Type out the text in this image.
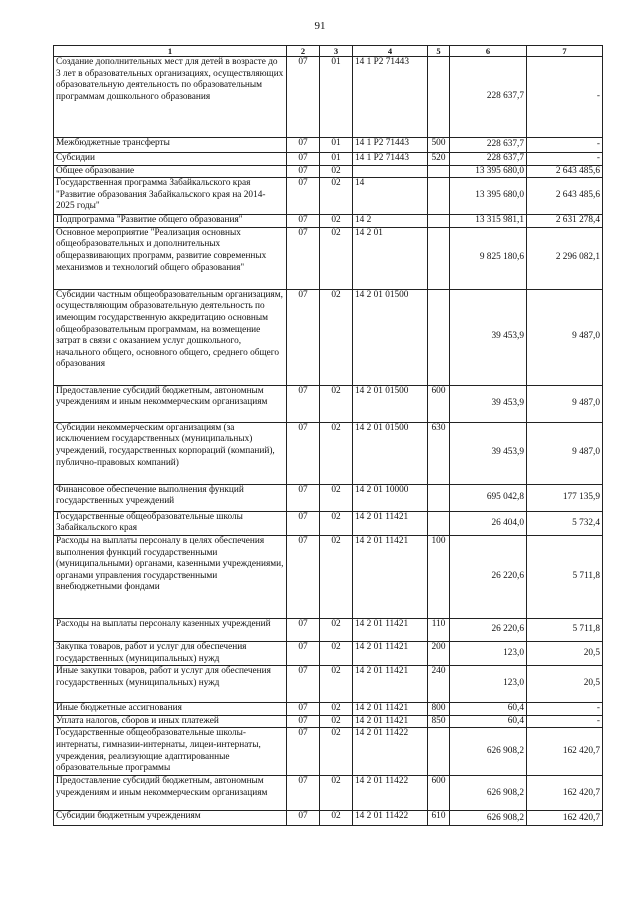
91
1	2	3	4	5	6	7
Создание дополнительных мест для детей в возрасте до 3 лет в образовательных организациях, осуществляющих образовательную деятельность по образовательным программам дошкольного образования	07	01	14 1 P2 71443		228 637,7	-
Межбюджетные трансферты	07	01	14 1 P2 71443	500	228 637,7	-
Субсидии	07	01	14 1 P2 71443	520	228 637,7	-
Общее образование	07	02			13 395 680,0	2 643 485,6
Государственная программа Забайкальского края "Развитие образования Забайкальского края на 2014-2025 годы"	07	02	14		13 395 680,0	2 643 485,6
Подпрограмма "Развитие общего образования"	07	02	14 2		13 315 981,1	2 631 278,4
Основное мероприятие "Реализация основных общеобразовательных и дополнительных общеразвивающих программ, развитие современных механизмов и технологий общего образования"	07	02	14 2 01		9 825 180,6	2 296 082,1
Субсидии частным общеобразовательным организациям, осуществляющим образовательную деятельность по имеющим государственную аккредитацию основным общеобразовательным программам, на возмещение затрат в связи с оказанием услуг дошкольного, начального общего, основного общего, среднего общего образования	07	02	14 2 01 01500		39 453,9	9 487,0
Предоставление субсидий бюджетным, автономным учреждениям и иным некоммерческим организациям	07	02	14 2 01 01500	600	39 453,9	9 487,0
Субсидии некоммерческим организациям (за исключением государственных (муниципальных) учреждений, государственных корпораций (компаний), публично-правовых компаний)	07	02	14 2 01 01500	630	39 453,9	9 487,0
Финансовое обеспечение выполнения функций государственных учреждений	07	02	14 2 01 10000		695 042,8	177 135,9
Государственные общеобразовательные школы Забайкальского края	07	02	14 2 01 11421		26 404,0	5 732,4
Расходы на выплаты персоналу в целях обеспечения выполнения функций государственными (муниципальными) органами, казенными учреждениями, органами управления государственными внебюджетными фондами	07	02	14 2 01 11421	100	26 220,6	5 711,8
Расходы на выплаты персоналу казенных учреждений	07	02	14 2 01 11421	110	26 220,6	5 711,8
Закупка товаров, работ и услуг для обеспечения государственных (муниципальных) нужд	07	02	14 2 01 11421	200	123,0	20,5
Иные закупки товаров, работ и услуг для обеспечения государственных (муниципальных) нужд	07	02	14 2 01 11421	240	123,0	20,5
Иные бюджетные ассигнования	07	02	14 2 01 11421	800	60,4	-
Уплата налогов, сборов и иных платежей	07	02	14 2 01 11421	850	60,4	-
Государственные общеобразовательные школы-интернаты, гимназии-интернаты, лицеи-интернаты, учреждения, реализующие адаптированные образовательные программы	07	02	14 2 01 11422		626 908,2	162 420,7
Предоставление субсидий бюджетным, автономным учреждениям и иным некоммерческим организациям	07	02	14 2 01 11422	600	626 908,2	162 420,7
Субсидии бюджетным учреждениям	07	02	14 2 01 11422	610	626 908,2	162 420,7
